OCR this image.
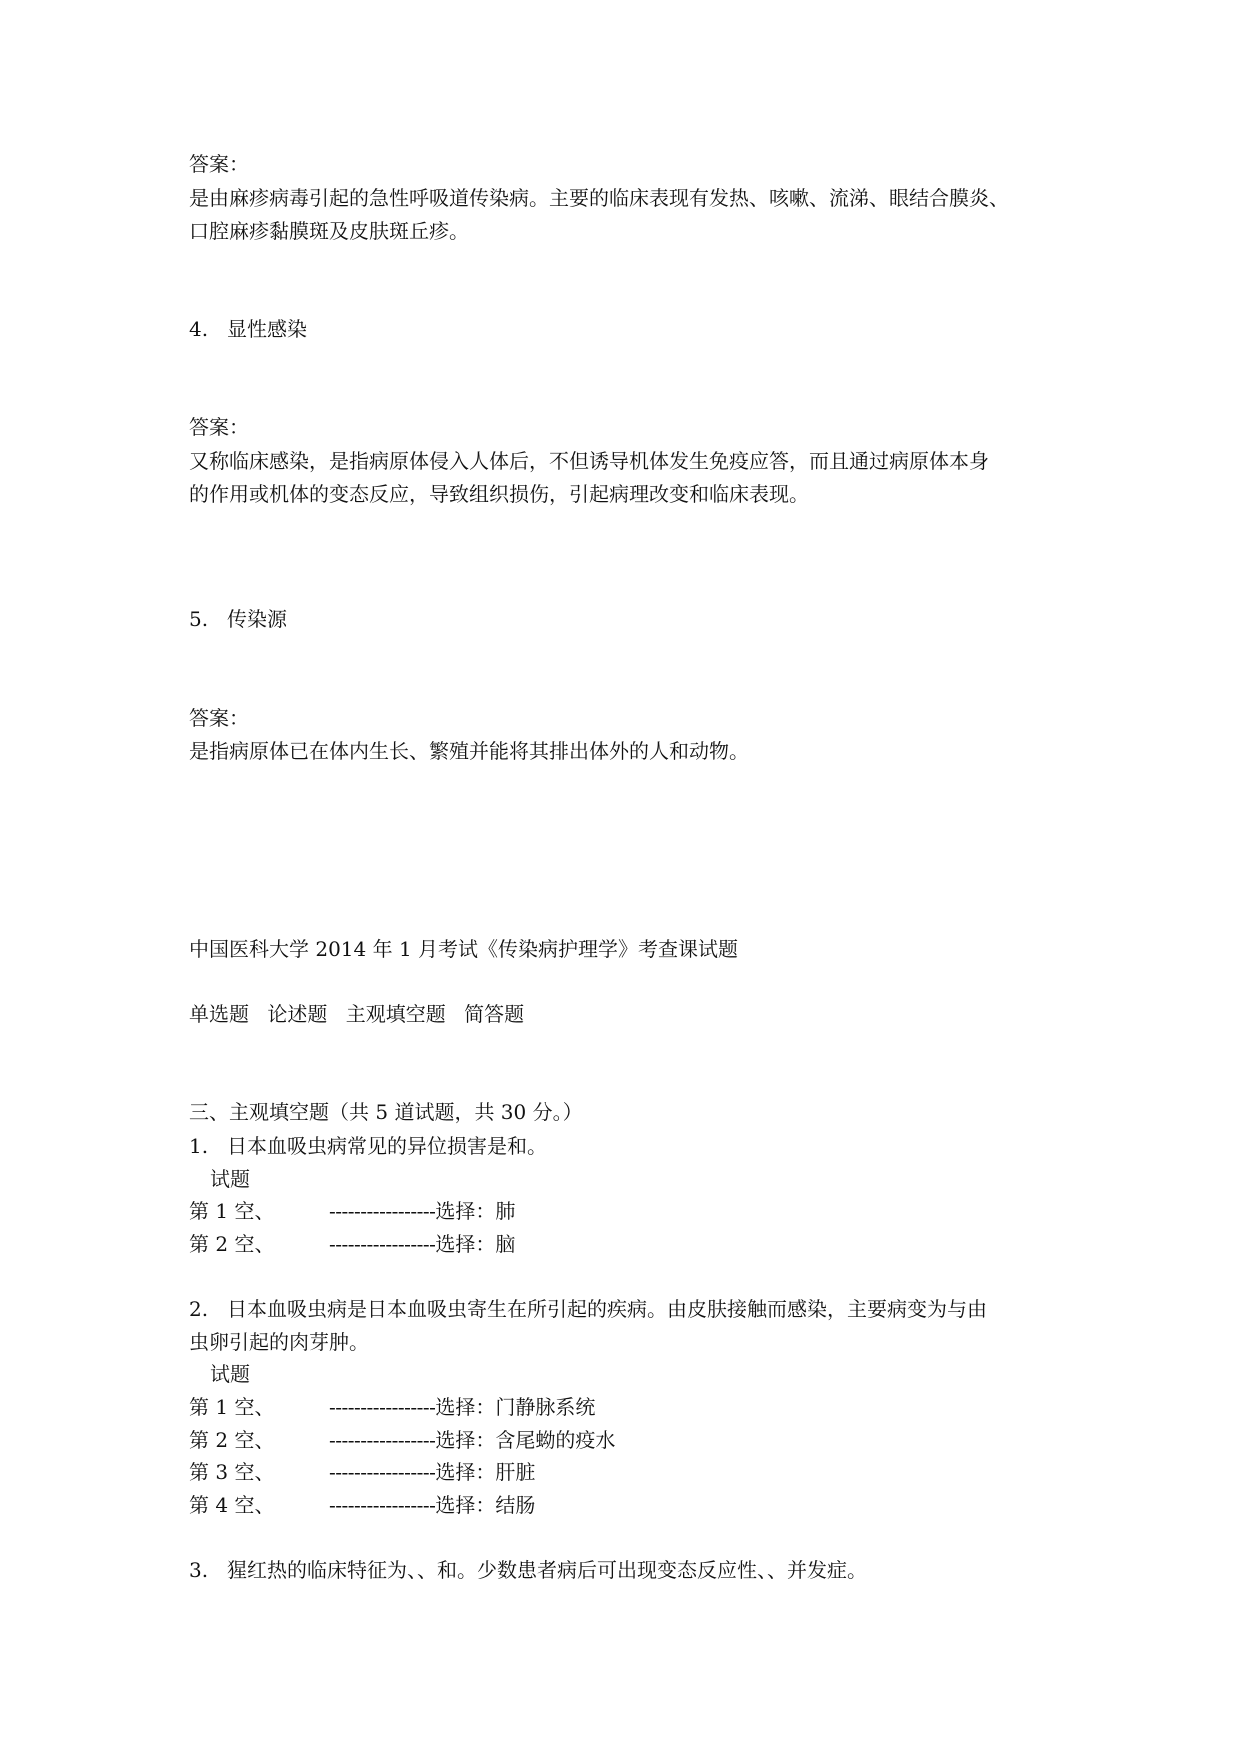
答案：

是由麻疹病毒引起的急性呼吸道传染病。主要的临床表现有发热、咳嗽、流涕、眼结合膜炎、

口腔麻疹黏膜斑及皮肤斑丘疹。

4. 显性感染

答案：

又称临床感染，是指病原体侵入人体后，不但诱导机体发生免疫应答，而且通过病原体本身

的作用或机体的变态反应，导致组织损伤，引起病理改变和临床表现。

5. 传染源

答案：

是指病原体已在体内生长、繁殖并能将其排出体外的人和动物。

中国医科大学 2014 年 1 月考试《传染病护理学》考查课试题

单选题 论述题 主观填空题 简答题

三、主观填空题（共 5 道试题，共 30 分。）

1. 日本血吸虫病常见的异位损害是和。

试题

第 1 空、	-----------------选择：肺
第 2 空、	-----------------选择：脑

2. 日本血吸虫病是日本血吸虫寄生在所引起的疾病。由皮肤接触而感染，主要病变为与由

虫卵引起的肉芽肿。

试题

第 1 空、	-----------------选择：门静脉系统
第 2 空、	-----------------选择：含尾蚴的疫水
第 3 空、	-----------------选择：肝脏
第 4 空、	-----------------选择：结肠

3. 猩红热的临床特征为、、和。少数患者病后可出现变态反应性、、并发症。
